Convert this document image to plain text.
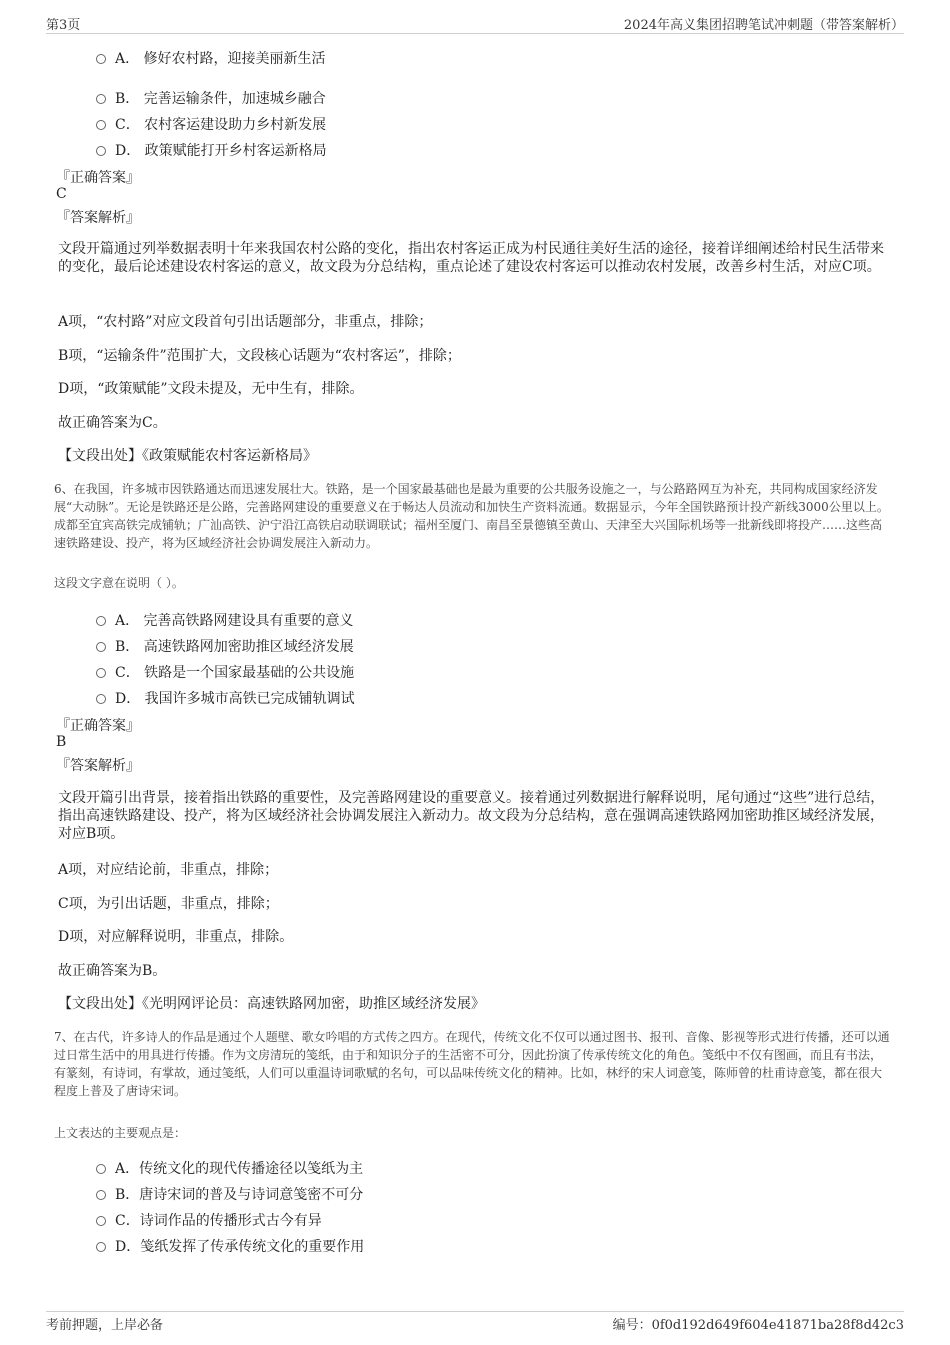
第3页	2024年高义集团招聘笔试冲刺题（带答案解析）
A． 修好农村路，迎接美丽新生活
B． 完善运输条件，加速城乡融合
C． 农村客运建设助力乡村新发展
D． 政策赋能打开乡村客运新格局
『正确答案』
C
『答案解析』
文段开篇通过列举数据表明十年来我国农村公路的变化，指出农村客运正成为村民通往美好生活的途径，接着详细阐述给村民生活带来的变化，最后论述建设农村客运的意义，故文段为分总结构，重点论述了建设农村客运可以推动农村发展，改善乡村生活，对应C项。
A项，“农村路”对应文段首句引出话题部分，非重点，排除；
B项，“运输条件”范围扩大，文段核心话题为“农村客运”，排除；
D项，“政策赋能”文段未提及，无中生有，排除。
故正确答案为C。
【文段出处】《政策赋能农村客运新格局》
6、在我国，许多城市因铁路通达而迅速发展壮大。铁路，是一个国家最基础也是最为重要的公共服务设施之一，与公路路网互为补充，共同构成国家经济发展“大动脉”。无论是铁路还是公路，完善路网建设的重要意义在于畅达人员流动和加快生产资料流通。数据显示，今年全国铁路预计投产新线3000公里以上。成都至宜宾高铁完成铺轨；广汕高铁、沪宁沿江高铁启动联调联试；福州至厦门、南昌至景德镇至黄山、天津至大兴国际机场等一批新线即将投产……这些高速铁路建设、投产，将为区域经济社会协调发展注入新动力。
这段文字意在说明（ ）。
A． 完善高铁路网建设具有重要的意义
B． 高速铁路网加密助推区域经济发展
C． 铁路是一个国家最基础的公共设施
D． 我国许多城市高铁已完成铺轨调试
『正确答案』
B
『答案解析』
文段开篇引出背景，接着指出铁路的重要性，及完善路网建设的重要意义。接着通过列数据进行解释说明，尾句通过“这些”进行总结，指出高速铁路建设、投产，将为区域经济社会协调发展注入新动力。故文段为分总结构，意在强调高速铁路网加密助推区域经济发展，对应B项。
A项，对应结论前，非重点，排除；
C项，为引出话题，非重点，排除；
D项，对应解释说明，非重点，排除。
故正确答案为B。
【文段出处】《光明网评论员：高速铁路网加密，助推区域经济发展》
7、在古代，许多诗人的作品是通过个人题壁、歌女吟唱的方式传之四方。在现代，传统文化不仅可以通过图书、报刊、音像、影视等形式进行传播，还可以通过日常生活中的用具进行传播。作为文房清玩的笺纸，由于和知识分子的生活密不可分，因此扮演了传承传统文化的角色。笺纸中不仅有图画，而且有书法，有篆刻，有诗词，有掌故，通过笺纸，人们可以重温诗词歌赋的名句，可以品味传统文化的精神。比如，林纾的宋人词意笺，陈师曾的杜甫诗意笺，都在很大程度上普及了唐诗宋词。
上文表达的主要观点是：
A．传统文化的现代传播途径以笺纸为主
B．唐诗宋词的普及与诗词意笺密不可分
C．诗词作品的传播形式古今有异
D．笺纸发挥了传承传统文化的重要作用
考前押题，上岸必备	编号：0f0d192d649f604e41871ba28f8d42c3
